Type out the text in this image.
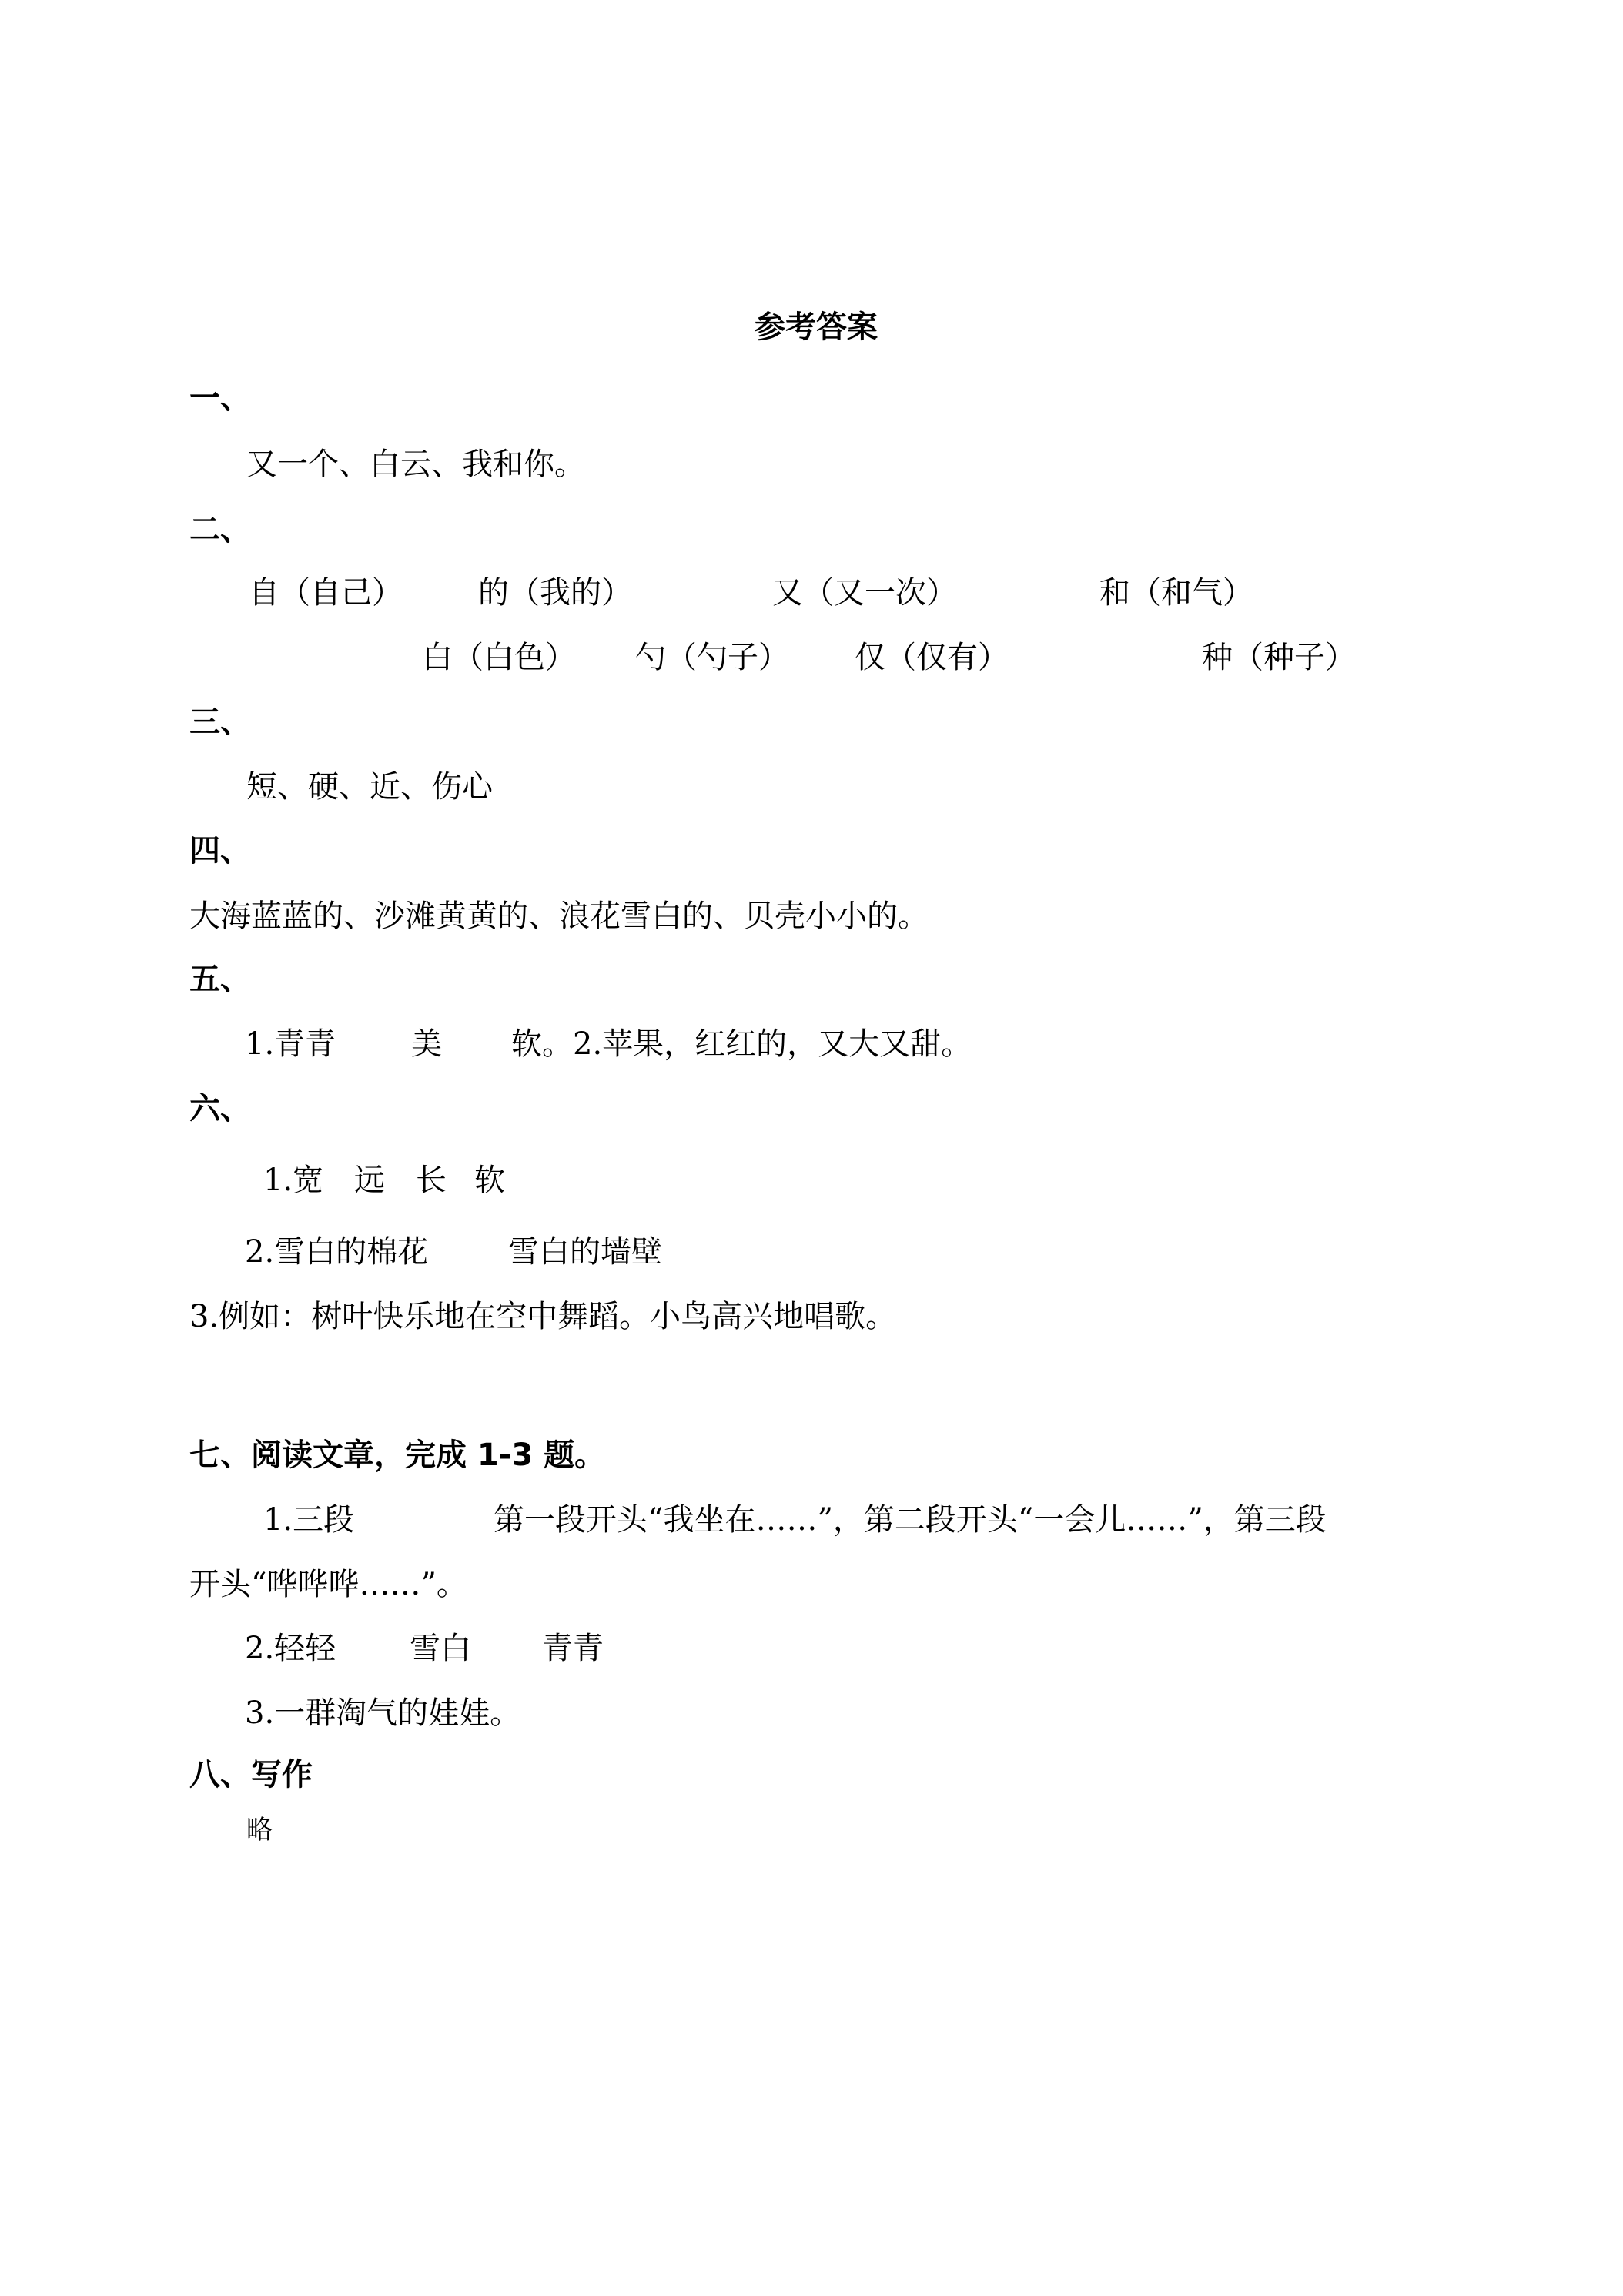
参考答案
一、
又一个、白云、我和你。
二、
自（自己） 的（我的）	又（又一次）	和（和气）
白（白色） 勺（勺子） 仅（仅有）	种（种子）
三、
短、硬、近、伤心
四、
大海蓝蓝的、沙滩黄黄的、浪花雪白的、贝壳小小的。
五、
1.青青 美 软。2.苹果，红红的，又大又甜。
六、
1.宽 远 长 软
2.雪白的棉花	雪白的墙壁
3.例如：树叶快乐地在空中舞蹈。小鸟高兴地唱歌。
七、阅读文章，完成 1-3 题。
1.三段	第一段开头“我坐在……”，第二段开头“一会儿……”，第三段
开头“哗哗哗……”。
2.轻轻 雪白 青青
3.一群淘气的娃娃。
八、写作
略
